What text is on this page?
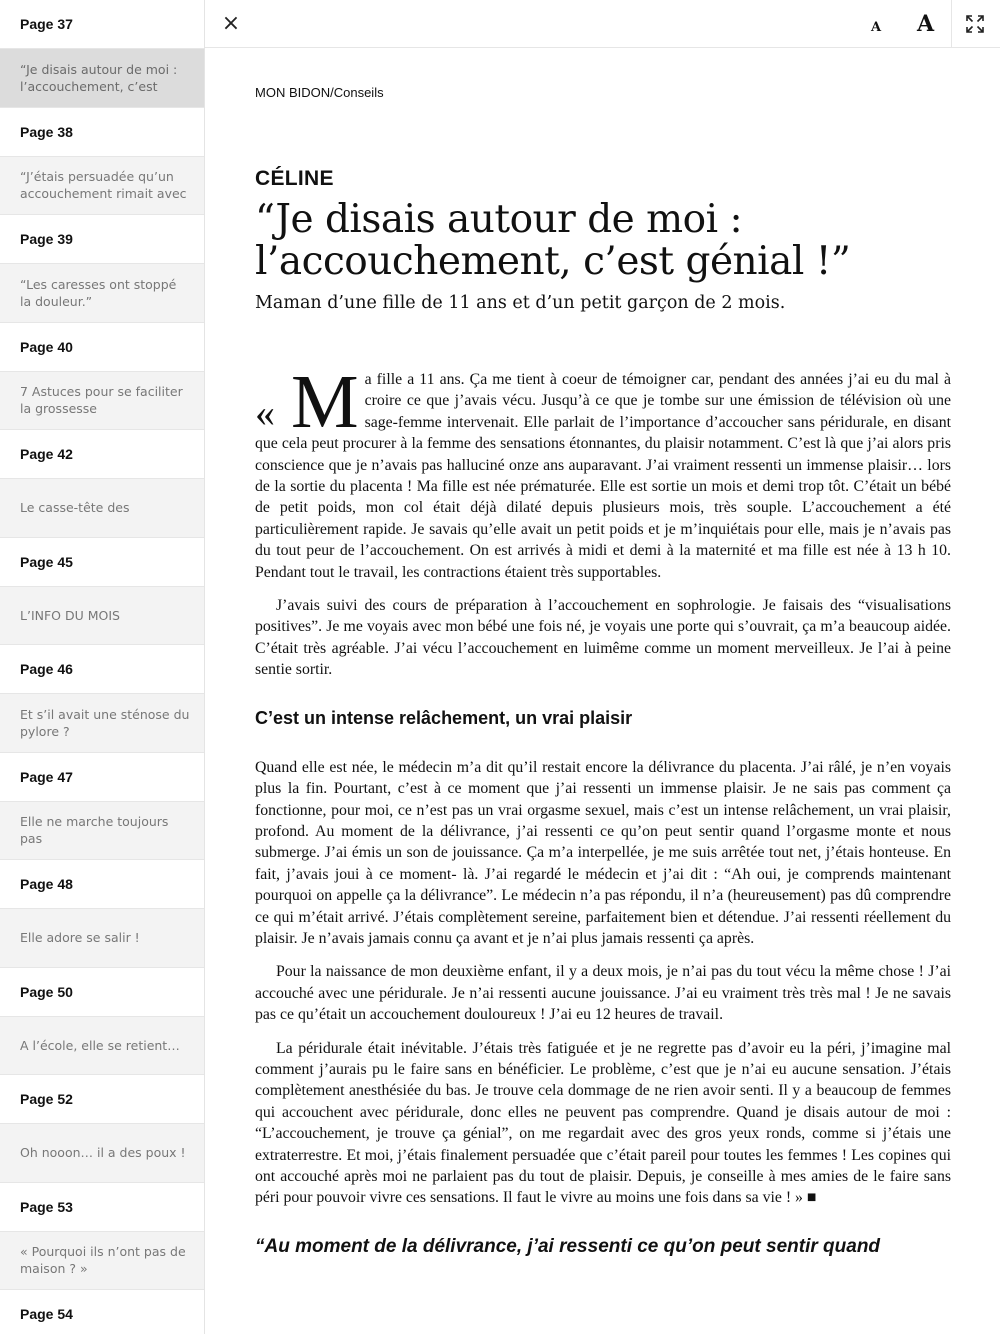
Page 37
“Je disais autour de moi : l’accouchement, c’est
Page 38
“J’étais persuadée qu’un accouchement rimait avec
Page 39
“Les caresses ont stoppé la douleur.”
Page 40
7 Astuces pour se faciliter la grossesse
Page 42
Le casse-tête des
Page 45
L’INFO DU MOIS
Page 46
Et s’il avait une sténose du pylore ?
Page 47
Elle ne marche toujours pas
Page 48
Elle adore se salir !
Page 50
A l’école, elle se retient…
Page 52
Oh nooon… il a des poux !
Page 53
« Pourquoi ils n’ont pas de maison ? »
Page 54
×	A A
MON BIDON/Conseils
CÉLINE
“Je disais autour de moi : l’accouchement, c’est génial !”
Maman d’une fille de 11 ans et d’un petit garçon de 2 mois.

« M a fille a 11 ans. Ça me tient à coeur de témoigner car, pendant des années j’ai eu du mal à croire ce que j’avais vécu. Jusqu’à ce que je tombe sur une émission de télévision où une sage-femme intervenait. Elle parlait de l’importance d’accoucher sans péridurale, en disant que cela peut procurer à la femme des sensations étonnantes, du plaisir notamment. C’est là que j’ai alors pris conscience que je n’avais pas halluciné onze ans auparavant. J’ai vraiment ressenti un immense plaisir… lors de la sortie du placenta ! Ma fille est née prématurée. Elle est sortie un mois et demi trop tôt. C’était un bébé de petit poids, mon col était déjà dilaté depuis plusieurs mois, très souple. L’accouchement a été particulièrement rapide. Je savais qu’elle avait un petit poids et je m’inquiétais pour elle, mais je n’avais pas du tout peur de l’accouchement. On est arrivés à midi et demi à la maternité et ma fille est née à 13 h 10. Pendant tout le travail, les contractions étaient très supportables.

J’avais suivi des cours de préparation à l’accouchement en sophrologie. Je faisais des “visualisations positives”. Je me voyais avec mon bébé une fois né, je voyais une porte qui s’ouvrait, ça m’a beaucoup aidée. C’était très agréable. J’ai vécu l’accouchement en luimême comme un moment merveilleux. Je l’ai à peine sentie sortir.

C’est un intense relâchement, un vrai plaisir

Quand elle est née, le médecin m’a dit qu’il restait encore la délivrance du placenta. J’ai râlé, je n’en voyais plus la fin. Pourtant, c’est à ce moment que j’ai ressenti un immense plaisir. Je ne sais pas comment ça fonctionne, pour moi, ce n’est pas un vrai orgasme sexuel, mais c’est un intense relâchement, un vrai plaisir, profond. Au moment de la délivrance, j’ai ressenti ce qu’on peut sentir quand l’orgasme monte et nous submerge. J’ai émis un son de jouissance. Ça m’a interpellée, je me suis arrêtée tout net, j’étais honteuse. En fait, j’avais joui à ce moment- là. J’ai regardé le médecin et j’ai dit : “Ah oui, je comprends maintenant pourquoi on appelle ça la délivrance”. Le médecin n’a pas répondu, il n’a (heureusement) pas dû comprendre ce qui m’était arrivé. J’étais complètement sereine, parfaitement bien et détendue. J’ai ressenti réellement du plaisir. Je n’avais jamais connu ça avant et je n’ai plus jamais ressenti ça après.

Pour la naissance de mon deuxième enfant, il y a deux mois, je n’ai pas du tout vécu la même chose ! J’ai accouché avec une péridurale. Je n’ai ressenti aucune jouissance. J’ai eu vraiment très très mal ! Je ne savais pas ce qu’était un accouchement douloureux ! J’ai eu 12 heures de travail.

La péridurale était inévitable. J’étais très fatiguée et je ne regrette pas d’avoir eu la péri, j’imagine mal comment j’aurais pu le faire sans en bénéficier. Le problème, c’est que je n’ai eu aucune sensation. J’étais complètement anesthésiée du bas. Je trouve cela dommage de ne rien avoir senti. Il y a beaucoup de femmes qui accouchent avec péridurale, donc elles ne peuvent pas comprendre. Quand je disais autour de moi : “L’accouchement, je trouve ça génial”, on me regardait avec des gros yeux ronds, comme si j’étais une extraterrestre. Et moi, j’étais finalement persuadée que c’était pareil pour toutes les femmes ! Les copines qui ont accouché après moi ne parlaient pas du tout de plaisir. Depuis, je conseille à mes amies de le faire sans péri pour pouvoir vivre ces sensations. Il faut le vivre au moins une fois dans sa vie ! » ■

“Au moment de la délivrance, j’ai ressenti ce qu’on peut sentir quand
